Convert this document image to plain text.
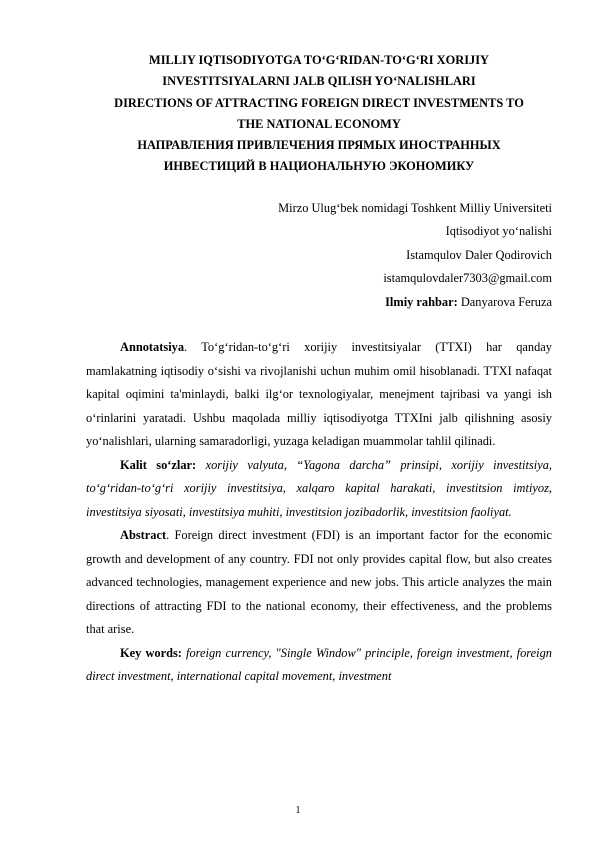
MILLIY IQTISODIYOTGA TO‘G‘RIDAN-TO‘G‘RI XORIJIY
INVESTITSIYALARNI JALB QILISH YO‘NALISHLARI

DIRECTIONS OF ATTRACTING FOREIGN DIRECT INVESTMENTS TO
THE NATIONAL ECONOMY

НАПРАВЛЕНИЯ ПРИВЛЕЧЕНИЯ ПРЯМЫХ ИНОСТРАННЫХ
ИНВЕСТИЦИЙ В НАЦИОНАЛЬНУЮ ЭКОНОМИКУ

Mirzo Ulug‘bek nomidagi Toshkent Milliy Universiteti
Iqtisodiyot yo‘nalishi
Istamqulov Daler Qodirovich
istamqulovdaler7303@gmail.com
Ilmiy rahbar: Danyarova Feruza

Annotatsiya. To‘g‘ridan-to‘g‘ri xorijiy investitsiyalar (TTXI) har qanday mamlakatning iqtisodiy o‘sishi va rivojlanishi uchun muhim omil hisoblanadi. TTXI nafaqat kapital oqimini ta'minlaydi, balki ilg‘or texnologiyalar, menejment tajribasi va yangi ish o‘rinlarini yaratadi. Ushbu maqolada milliy iqtisodiyotga TTXIni jalb qilishning asosiy yo‘nalishlari, ularning samaradorligi, yuzaga keladigan muammolar tahlil qilinadi.

Kalit so‘zlar: xorijiy valyuta, “Yagona darcha” prinsipi, xorijiy investitsiya, to‘g‘ridan-to‘g‘ri xorijiy investitsiya, xalqaro kapital harakati, investitsion imtiyoz, investitsiya siyosati, investitsiya muhiti, investitsion jozibadorlik, investitsion faoliyat.

Abstract. Foreign direct investment (FDI) is an important factor for the economic growth and development of any country. FDI not only provides capital flow, but also creates advanced technologies, management experience and new jobs. This article analyzes the main directions of attracting FDI to the national economy, their effectiveness, and the problems that arise.

Key words: foreign currency, "Single Window" principle, foreign investment, foreign direct investment, international capital movement, investment

1
